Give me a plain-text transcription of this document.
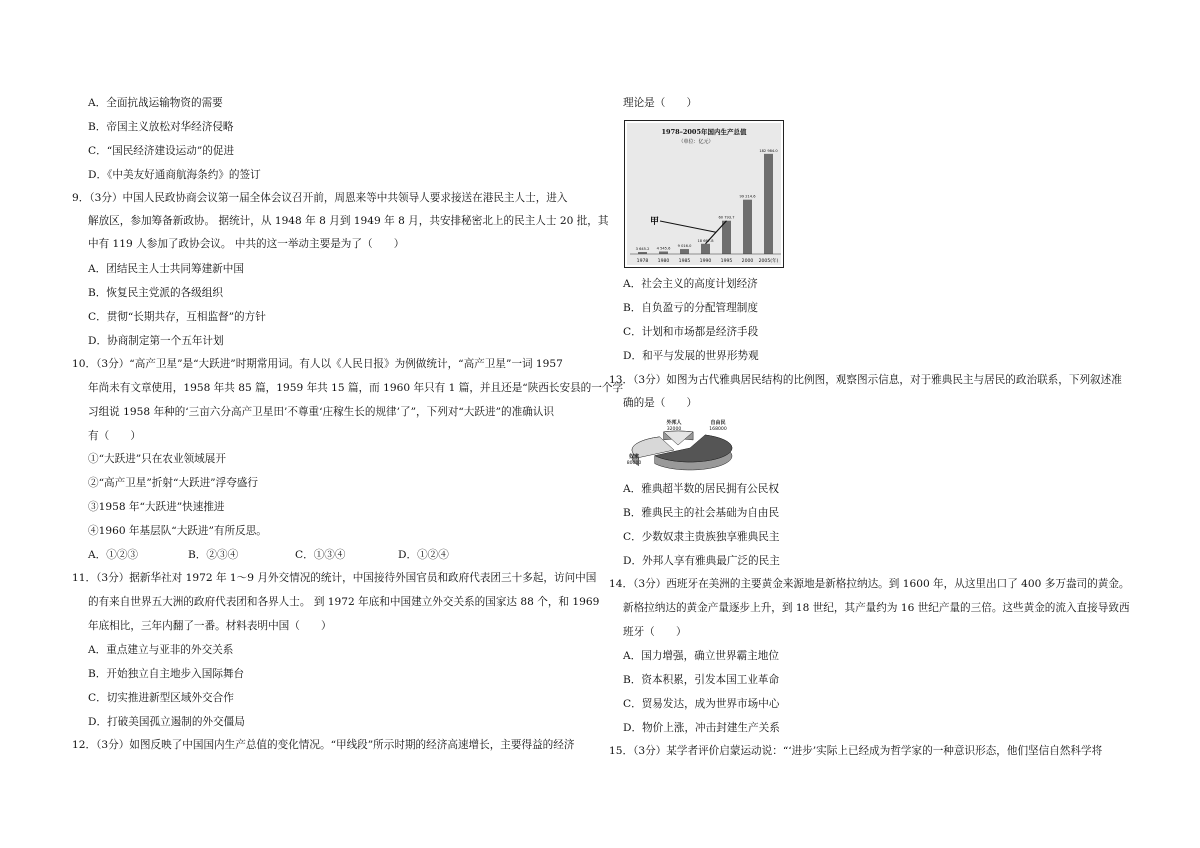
A．全面抗战运输物资的需要
B．帝国主义放松对华经济侵略
C．“国民经济建设运动”的促进
D．《中美友好通商航海条约》的签订
9．（3分）中国人民政协商会议第一届全体会议召开前，周恩来等中共领导人要求接送在港民主人士，进入
解放区，参加筹备新政协。 据统计，从 1948 年 8 月到 1949 年 8 月，共安排秘密北上的民主人士 20 批，其
中有 119 人参加了政协会议。 中共的这一举动主要是为了（　　）
A．团结民主人士共同筹建新中国
B．恢复民主党派的各级组织
C．贯彻“长期共存，互相监督”的方针
D．协商制定第一个五年计划
10．（3分）“高产卫星”是“大跃进”时期常用词。有人以《人民日报》为例做统计，“高产卫星”一词 1957
年尚未有文章使用，1958 年共 85 篇，1959 年共 15 篇，而 1960 年只有 1 篇，并且还是“陕西长安县的一个学
习组说 1958 年种的‘三亩六分高产卫星田’不尊重‘庄稼生长的规律’了”，下列对“大跃进”的准确认识
有（　　）
①“大跃进”只在农业领域展开
②“高产卫星”折射“大跃进”浮夸盛行
③1958 年“大跃进”快速推进
④1960 年基层队“大跃进”有所反思。
A．①②③	B．②③④	C．①③④	D．①②④
11．（3分）据新华社对 1972 年 1～9 月外交情况的统计，中国接待外国官员和政府代表团三十多起，访问中国
的有来自世界五大洲的政府代表团和各界人士。 到 1972 年底和中国建立外交关系的国家达 88 个，和 1969
年底相比，三年内翻了一番。材料表明中国（　　）
A．重点建立与亚非的外交关系
B．开始独立自主地步入国际舞台
C．切实推进新型区域外交合作
D．打破美国孤立遏制的外交僵局
12．（3分）如图反映了中国国内生产总值的变化情况。“甲线段”所示时期的经济高速增长，主要得益的经济
理论是（　　）
1978–2005年国内生产总值
（单位：亿元）
3 645.2 4 545.6
9 016.0
18 667.8
60 793.7
99 214.6
182 984.0
1978 1980 1985 1990 1995 2000 2005(年)
甲
A．社会主义的高度计划经济
B．自负盈亏的分配管理制度
C．计划和市场都是经济手段
D．和平与发展的世界形势观
13．（3分）如图为古代雅典居民结构的比例图，观察图示信息，对于雅典民主与居民的政治联系，下列叙述准
确的是（　　）
外邦人
32000
自由民
168000
奴隶
80000
A．雅典超半数的居民拥有公民权
B．雅典民主的社会基础为自由民
C．少数奴隶主贵族独享雅典民主
D．外邦人享有雅典最广泛的民主
14．（3分）西班牙在美洲的主要黄金来源地是新格拉纳达。到 1600 年，从这里出口了 400 多万盎司的黄金。
新格拉纳达的黄金产量逐步上升，到 18 世纪，其产量约为 16 世纪产量的三倍。这些黄金的流入直接导致西
班牙（　　）
A．国力增强，确立世界霸主地位
B．资本积累，引发本国工业革命
C．贸易发达，成为世界市场中心
D．物价上涨，冲击封建生产关系
15．（3分）某学者评价启蒙运动说：“‘进步’实际上已经成为哲学家的一种意识形态，他们坚信自然科学将
